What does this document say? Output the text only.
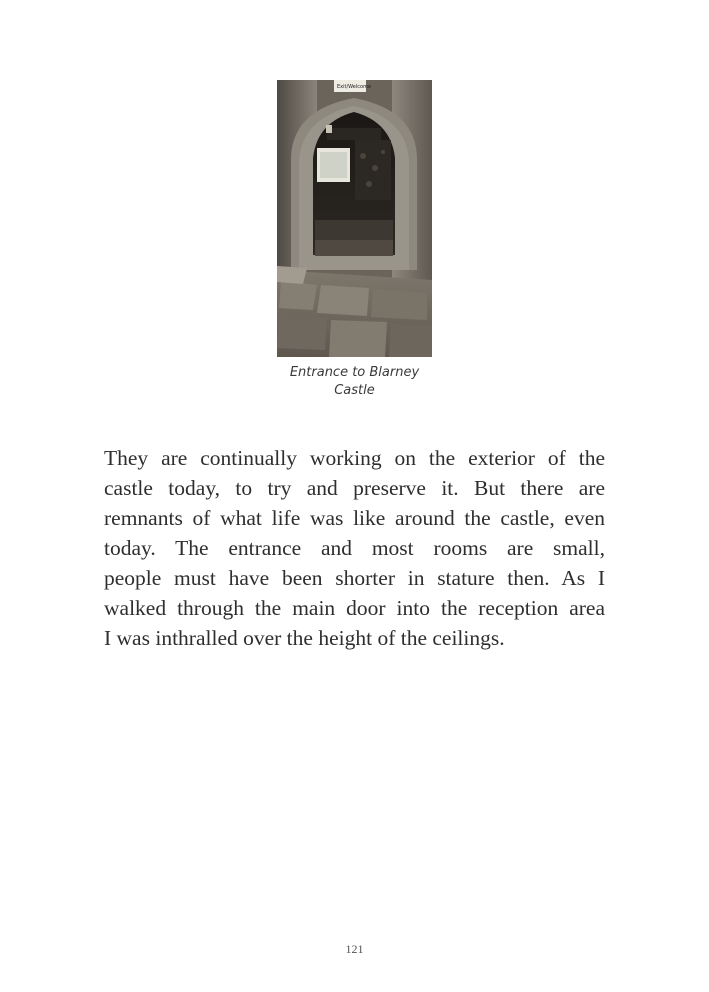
Exit/Welcome
Entrance to Blarney
Castle
They are continually working on the exterior of the
castle today, to try and preserve it. But there are
remnants of what life was like around the castle, even
today. The entrance and most rooms are small,
people must have been shorter in stature then. As I
walked through the main door into the reception area
I was inthralled over the height of the ceilings.
121
